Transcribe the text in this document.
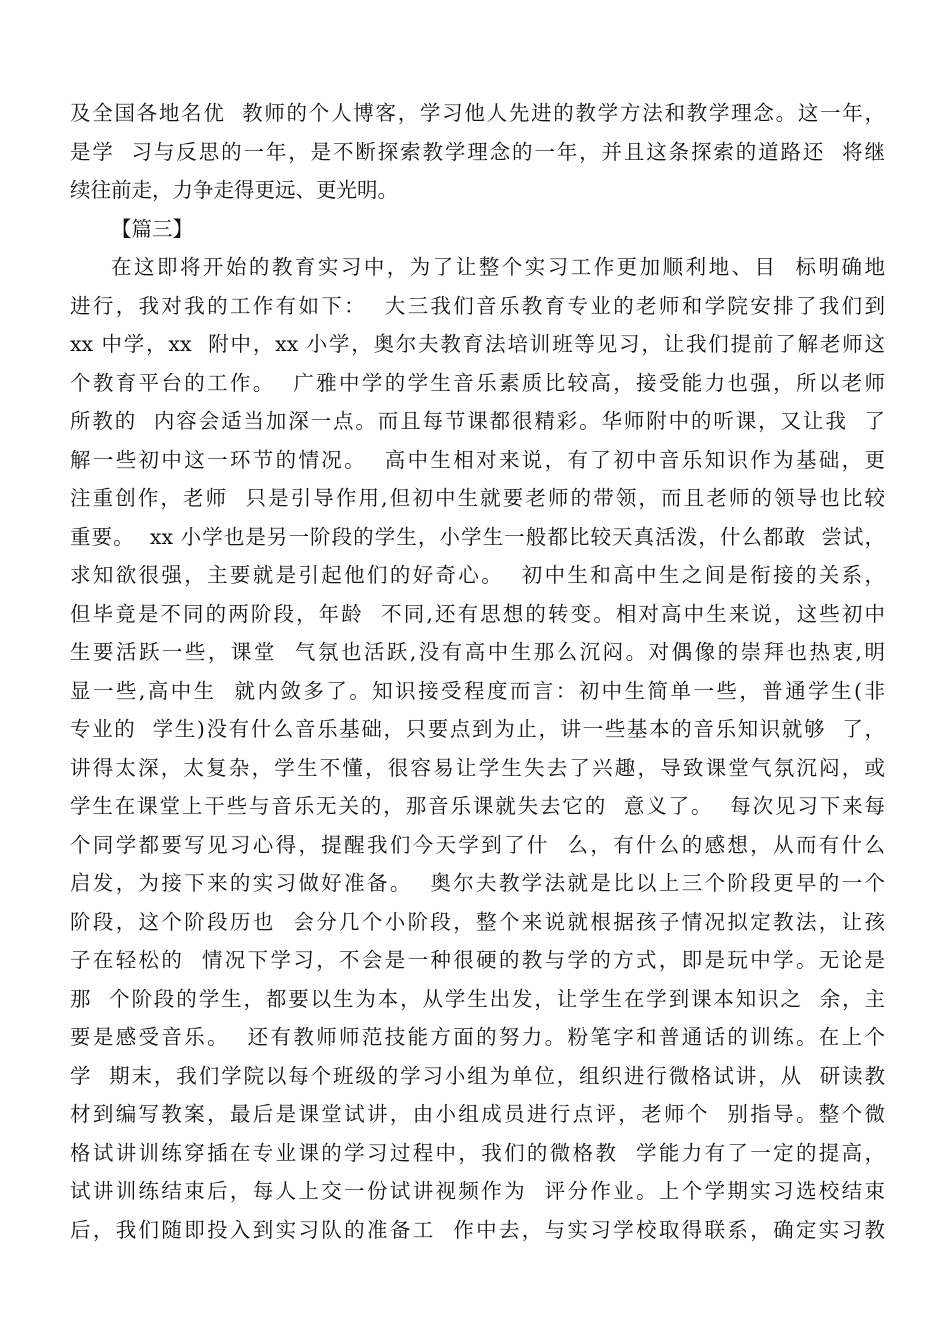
及全国各地名优  教师的个人博客，学习他人先进的教学方法和教学理念。这一年，
是学  习与反思的一年，是不断探索教学理念的一年，并且这条探索的道路还  将继
续往前走，力争走得更远、更光明。
【篇三】
在这即将开始的教育实习中，为了让整个实习工作更加顺利地、目  标明确地
进行，我对我的工作有如下：  大三我们音乐教育专业的老师和学院安排了我们到
xx 中学，xx  附中，xx 小学，奥尔夫教育法培训班等见习，让我们提前了解老师这
个教育平台的工作。  广雅中学的学生音乐素质比较高，接受能力也强，所以老师
所教的  内容会适当加深一点。而且每节课都很精彩。华师附中的听课，又让我  了
解一些初中这一环节的情况。  高中生相对来说，有了初中音乐知识作为基础，更
注重创作，老师  只是引导作用,但初中生就要老师的带领，而且老师的领导也比较
重要。  xx 小学也是另一阶段的学生，小学生一般都比较天真活泼，什么都敢  尝试，
求知欲很强，主要就是引起他们的好奇心。  初中生和高中生之间是衔接的关系，
但毕竟是不同的两阶段，年龄  不同,还有思想的转变。相对高中生来说，这些初中
生要活跃一些，课堂  气氛也活跃,没有高中生那么沉闷。对偶像的崇拜也热衷,明
显一些,高中生  就内敛多了。知识接受程度而言：初中生简单一些，普通学生(非
专业的  学生)没有什么音乐基础，只要点到为止，讲一些基本的音乐知识就够  了，
讲得太深，太复杂，学生不懂，很容易让学生失去了兴趣，导致课堂气氛沉闷，或
学生在课堂上干些与音乐无关的，那音乐课就失去它的  意义了。  每次见习下来每
个同学都要写见习心得，提醒我们今天学到了什  么，有什么的感想，从而有什么
启发，为接下来的实习做好准备。  奥尔夫教学法就是比以上三个阶段更早的一个
阶段，这个阶段历也  会分几个小阶段，整个来说就根据孩子情况拟定教法，让孩
子在轻松的  情况下学习，不会是一种很硬的教与学的方式，即是玩中学。无论是
那  个阶段的学生，都要以生为本，从学生出发，让学生在学到课本知识之  余，主
要是感受音乐。  还有教师师范技能方面的努力。粉笔字和普通话的训练。在上个
学  期末，我们学院以每个班级的学习小组为单位，组织进行微格试讲，从  研读教
材到编写教案，最后是课堂试讲，由小组成员进行点评，老师个  别指导。整个微
格试讲训练穿插在专业课的学习过程中，我们的微格教  学能力有了一定的提高，
试讲训练结束后，每人上交一份试讲视频作为  评分作业。上个学期实习选校结束
后，我们随即投入到实习队的准备工  作中去，与实习学校取得联系，确定实习教
